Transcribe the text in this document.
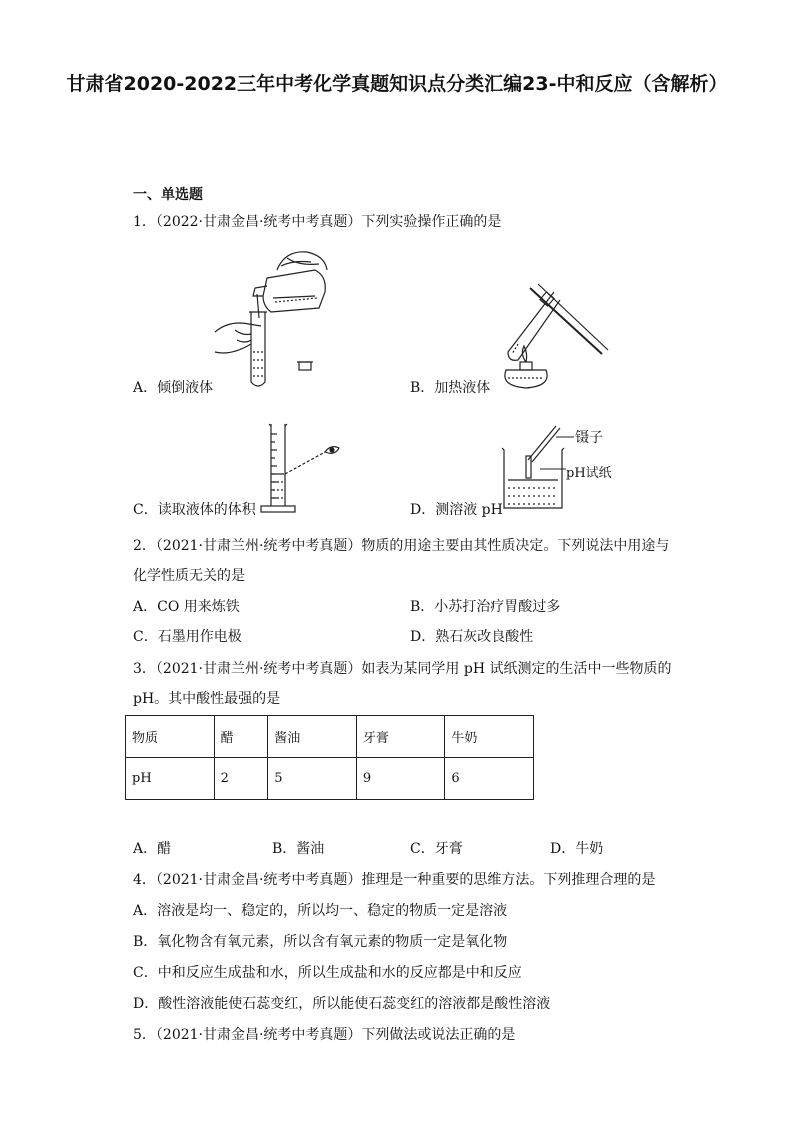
甘肃省2020-2022三年中考化学真题知识点分类汇编23-中和反应（含解析）
一、单选题
1．（2022·甘肃金昌·统考中考真题）下列实验操作正确的是
A．倾倒液体	B．加热液体
C．读取液体的体积
镊子
pH试纸
D．测溶液 pH
2．（2021·甘肃兰州·统考中考真题）物质的用途主要由其性质决定。下列说法中用途与
化学性质无关的是
A．CO 用来炼铁	B．小苏打治疗胃酸过多
C．石墨用作电极	D．熟石灰改良酸性
3．（2021·甘肃兰州·统考中考真题）如表为某同学用 pH 试纸测定的生活中一些物质的
pH。其中酸性最强的是
物质	醋	酱油	牙膏	牛奶
pH	2	5	9	6
A．醋	B．酱油	C．牙膏	D．牛奶
4．（2021·甘肃金昌·统考中考真题）推理是一种重要的思维方法。下列推理合理的是
A．溶液是均一、稳定的，所以均一、稳定的物质一定是溶液
B．氧化物含有氧元素，所以含有氧元素的物质一定是氧化物
C．中和反应生成盐和水，所以生成盐和水的反应都是中和反应
D．酸性溶液能使石蕊变红，所以能使石蕊变红的溶液都是酸性溶液
5．（2021·甘肃金昌·统考中考真题）下列做法或说法正确的是
